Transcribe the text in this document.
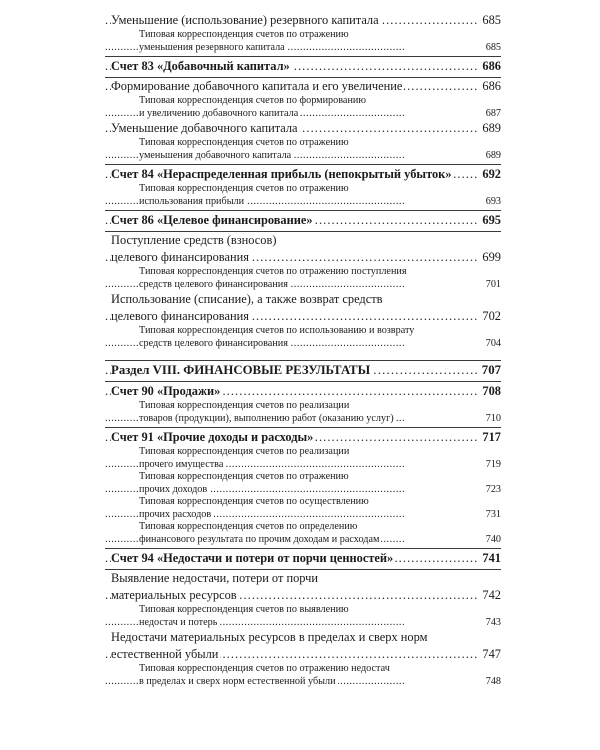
Уменьшение (использование) резервного капитала . . .	685
Типовая корреспонденция счетов по отражению
уменьшения резервного капитала . . .	685
Счет 83 «Добавочный капитал» . . .	686
Формирование добавочного капитала и его увеличение . . .	686
Типовая корреспонденция счетов по формированию
и увеличению добавочного капитала . . .	687
Уменьшение добавочного капитала . . .	689
Типовая корреспонденция счетов по отражению
уменьшения добавочного капитала . . .	689
Счет 84 «Нераспределенная прибыль (непокрытый убыток» . . .	692
Типовая корреспонденция счетов по отражению
использования прибыли . . .	693
Счет 86 «Целевое финансирование» . . .	695
Поступление средств (взносов)
целевого финансирования . . .	699
Типовая корреспонденция счетов по отражению поступления
средств целевого финансирования . . .	701
Использование (списание), а также возврат средств
целевого финансирования . . .	702
Типовая корреспонденция счетов по использованию и возврату
средств целевого финансирования . . .	704
Раздел VIII. ФИНАНСОВЫЕ РЕЗУЛЬТАТЫ . . .	707
Счет 90 «Продажи» . . .	708
Типовая корреспонденция счетов по реализации
товаров (продукции), выполнению работ (оказанию услуг) . . .	710
Счет 91 «Прочие доходы и расходы» . . .	717
Типовая корреспонденция счетов по реализации
прочего имущества . . .	719
Типовая корреспонденция счетов по отражению
прочих доходов . . .	723
Типовая корреспонденция счетов по осуществлению
прочих расходов . . .	731
Типовая корреспонденция счетов по определению
финансового результата по прочим доходам и расходам . . .	740
Счет 94 «Недостачи и потери от порчи ценностей» . . .	741
Выявление недостачи, потери от порчи
материальных ресурсов . . .	742
Типовая корреспонденция счетов по выявлению
недостач и потерь . . .	743
Недостачи материальных ресурсов в пределах и сверх норм
естественной убыли . . .	747
Типовая корреспонденция счетов по отражению недостач
в пределах и сверх норм естественной убыли . . .	748
